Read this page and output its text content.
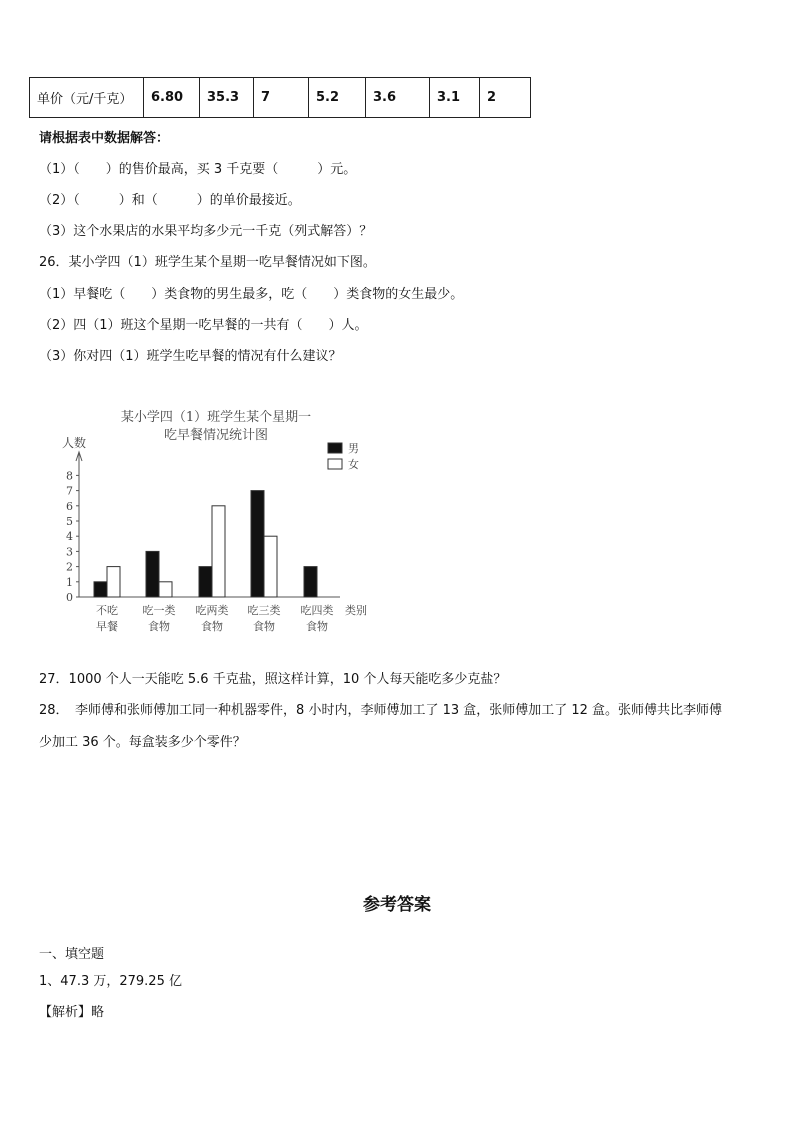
单价（元/千克）	6.80	35.3	7	5.2	3.6	3.1	2
请根据表中数据解答：
（1）（　　）的售价最高，买 3 千克要（　　　）元。
（2）（　　　）和（　　　）的单价最接近。
（3）这个水果店的水果平均多少元一千克（列式解答）？
26．某小学四（1）班学生某个星期一吃早餐情况如下图。
（1）早餐吃（　　）类食物的男生最多，吃（　　）类食物的女生最少。
（2）四（1）班这个星期一吃早餐的一共有（　　）人。
（3）你对四（1）班学生吃早餐的情况有什么建议？
某小学四（1）班学生某个星期一
吃早餐情况统计图
人数
类别
0
1
2
3
4
5
6
7
8
不吃
早餐
吃一类
食物
吃两类
食物
吃三类
食物
吃四类
食物
男
女
27．1000 个人一天能吃 5.6 千克盐，照这样计算，10 个人每天能吃多少克盐？
28．　李师傅和张师傅加工同一种机器零件，8 小时内，李师傅加工了 13 盒，张师傅加工了 12 盒。张师傅共比李师傅
少加工 36 个。每盒装多少个零件？
参考答案
一、填空题
1、47.3 万，279.25 亿
【解析】略
